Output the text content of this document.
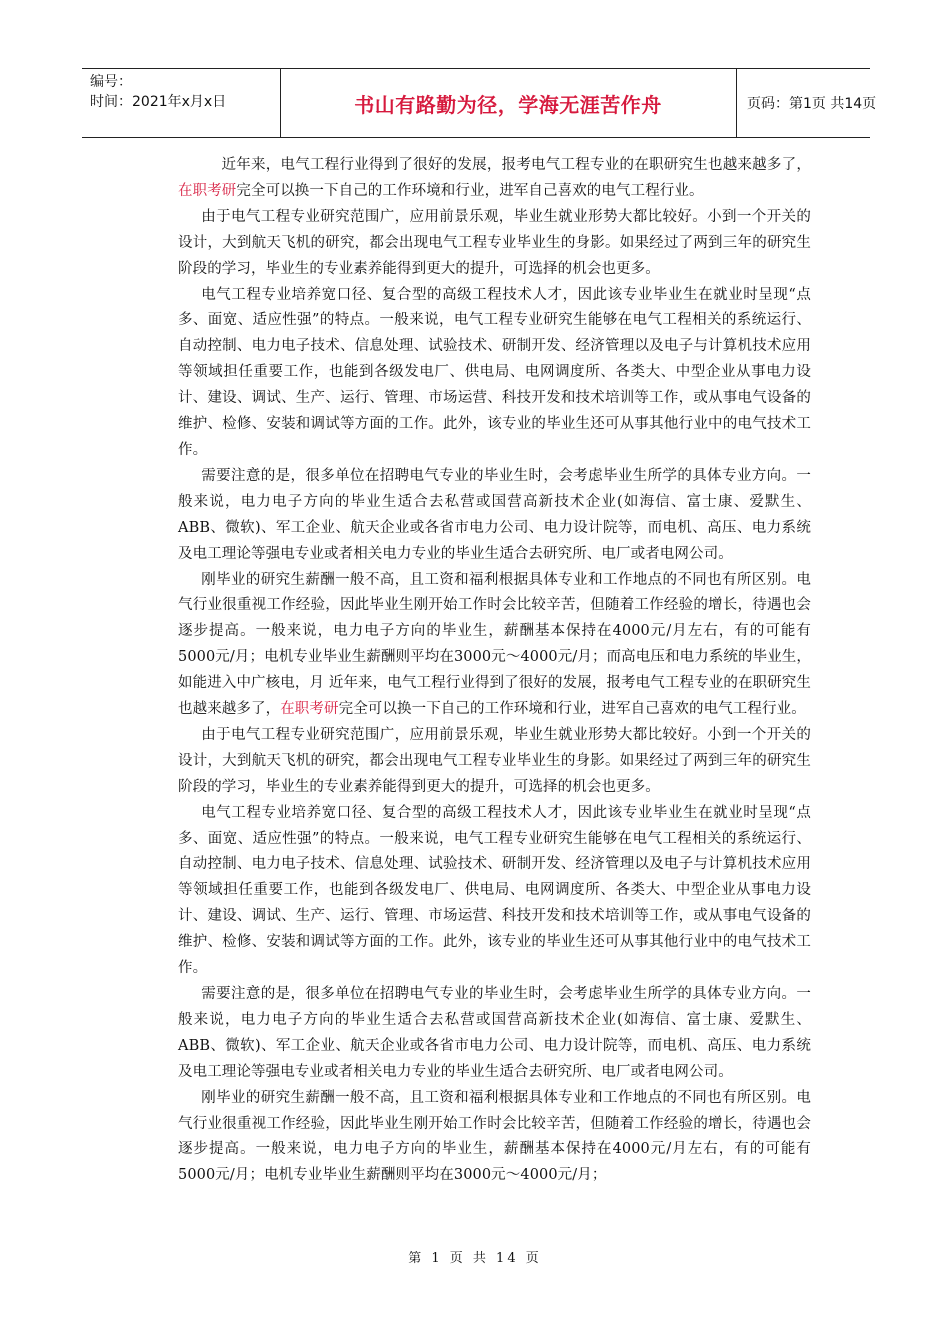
编号：
时间：2021年x月x日	书山有路勤为径，学海无涯苦作舟	页码：第1页 共14页

近年来，电气工程行业得到了很好的发展，报考电气工程专业的在职研究生也越来越多了，在职考研完全可以换一下自己的工作环境和行业，进军自己喜欢的电气工程行业。

由于电气工程专业研究范围广，应用前景乐观，毕业生就业形势大都比较好。小到一个开关的设计，大到航天飞机的研究，都会出现电气工程专业毕业生的身影。如果经过了两到三年的研究生阶段的学习，毕业生的专业素养能得到更大的提升，可选择的机会也更多。

电气工程专业培养宽口径、复合型的高级工程技术人才，因此该专业毕业生在就业时呈现“点多、面宽、适应性强”的特点。一般来说，电气工程专业研究生能够在电气工程相关的系统运行、自动控制、电力电子技术、信息处理、试验技术、研制开发、经济管理以及电子与计算机技术应用等领域担任重要工作，也能到各级发电厂、供电局、电网调度所、各类大、中型企业从事电力设计、建设、调试、生产、运行、管理、市场运营、科技开发和技术培训等工作，或从事电气设备的维护、检修、安装和调试等方面的工作。此外，该专业的毕业生还可从事其他行业中的电气技术工作。

需要注意的是，很多单位在招聘电气专业的毕业生时，会考虑毕业生所学的具体专业方向。一般来说，电力电子方向的毕业生适合去私营或国营高新技术企业(如海信、富士康、爱默生、ABB、微软)、军工企业、航天企业或各省市电力公司、电力设计院等，而电机、高压、电力系统及电工理论等强电专业或者相关电力专业的毕业生适合去研究所、电厂或者电网公司。

刚毕业的研究生薪酬一般不高，且工资和福利根据具体专业和工作地点的不同也有所区别。电气行业很重视工作经验，因此毕业生刚开始工作时会比较辛苦，但随着工作经验的增长，待遇也会逐步提高。一般来说，电力电子方向的毕业生，薪酬基本保持在4000元/月左右，有的可能有5000元/月；电机专业毕业生薪酬则平均在3000元～4000元/月；而高电压和电力系统的毕业生，如能进入中广核电，月 近年来，电气工程行业得到了很好的发展，报考电气工程专业的在职研究生也越来越多了，在职考研完全可以换一下自己的工作环境和行业，进军自己喜欢的电气工程行业。

由于电气工程专业研究范围广，应用前景乐观，毕业生就业形势大都比较好。小到一个开关的设计，大到航天飞机的研究，都会出现电气工程专业毕业生的身影。如果经过了两到三年的研究生阶段的学习，毕业生的专业素养能得到更大的提升，可选择的机会也更多。

电气工程专业培养宽口径、复合型的高级工程技术人才，因此该专业毕业生在就业时呈现“点多、面宽、适应性强”的特点。一般来说，电气工程专业研究生能够在电气工程相关的系统运行、自动控制、电力电子技术、信息处理、试验技术、研制开发、经济管理以及电子与计算机技术应用等领域担任重要工作，也能到各级发电厂、供电局、电网调度所、各类大、中型企业从事电力设计、建设、调试、生产、运行、管理、市场运营、科技开发和技术培训等工作，或从事电气设备的维护、检修、安装和调试等方面的工作。此外，该专业的毕业生还可从事其他行业中的电气技术工作。

需要注意的是，很多单位在招聘电气专业的毕业生时，会考虑毕业生所学的具体专业方向。一般来说，电力电子方向的毕业生适合去私营或国营高新技术企业(如海信、富士康、爱默生、ABB、微软)、军工企业、航天企业或各省市电力公司、电力设计院等，而电机、高压、电力系统及电工理论等强电专业或者相关电力专业的毕业生适合去研究所、电厂或者电网公司。

刚毕业的研究生薪酬一般不高，且工资和福利根据具体专业和工作地点的不同也有所区别。电气行业很重视工作经验，因此毕业生刚开始工作时会比较辛苦，但随着工作经验的增长，待遇也会逐步提高。一般来说，电力电子方向的毕业生，薪酬基本保持在4000元/月左右，有的可能有5000元/月；电机专业毕业生薪酬则平均在3000元～4000元/月；

第 1 页 共 14 页
